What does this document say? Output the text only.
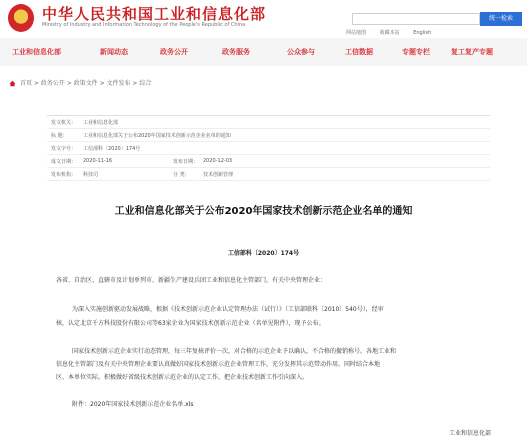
中华人民共和国工业和信息化部
Ministry of Industry and Information Technology of the People's Republic of China
统一检索
网站地图	收藏本站	English
工业和信息化部	新闻动态	政务公开	政务服务	公众参与	工信数据	专题专栏	复工复产专题
首页 > 政务公开 > 政策文件 > 文件发布 > 综合
发文机关： 工业和信息化部
标 题：	工业和信息化部关于公布2020年国家技术创新示范企业名单的通知
发文字号： 工信部科〔2020〕174号
成文日期： 2020-11-16	发布日期： 2020-12-03
发布机构： 科技司	分 类：	技术创新管理
工业和信息化部关于公布2020年国家技术创新示范企业名单的通知
工信部科〔2020〕174号
各省、自治区、直辖市及计划单列市、新疆生产建设兵团工业和信息化主管部门，有关中央管理企业：
为深入实施创新驱动发展战略，根据《技术创新示范企业认定管理办法（试行）》（工信部联科〔2010〕540号），经审
核，认定北京千方科技股份有限公司等63家企业为国家技术创新示范企业（名单见附件），现予公布。
国家技术创新示范企业实行动态管理，每三年复核评价一次，对合格的示范企业予以确认，不合格的撤销称号。各地工业和
信息化主管部门及有关中央管理企业要认真做好国家技术创新示范企业管理工作，充分发挥其示范带动作用。同时结合本地
区、本单位实际，积极做好省级技术创新示范企业的认定工作，把企业技术创新工作引向深入。
附件：2020年国家技术创新示范企业名单.xls
工业和信息化部
